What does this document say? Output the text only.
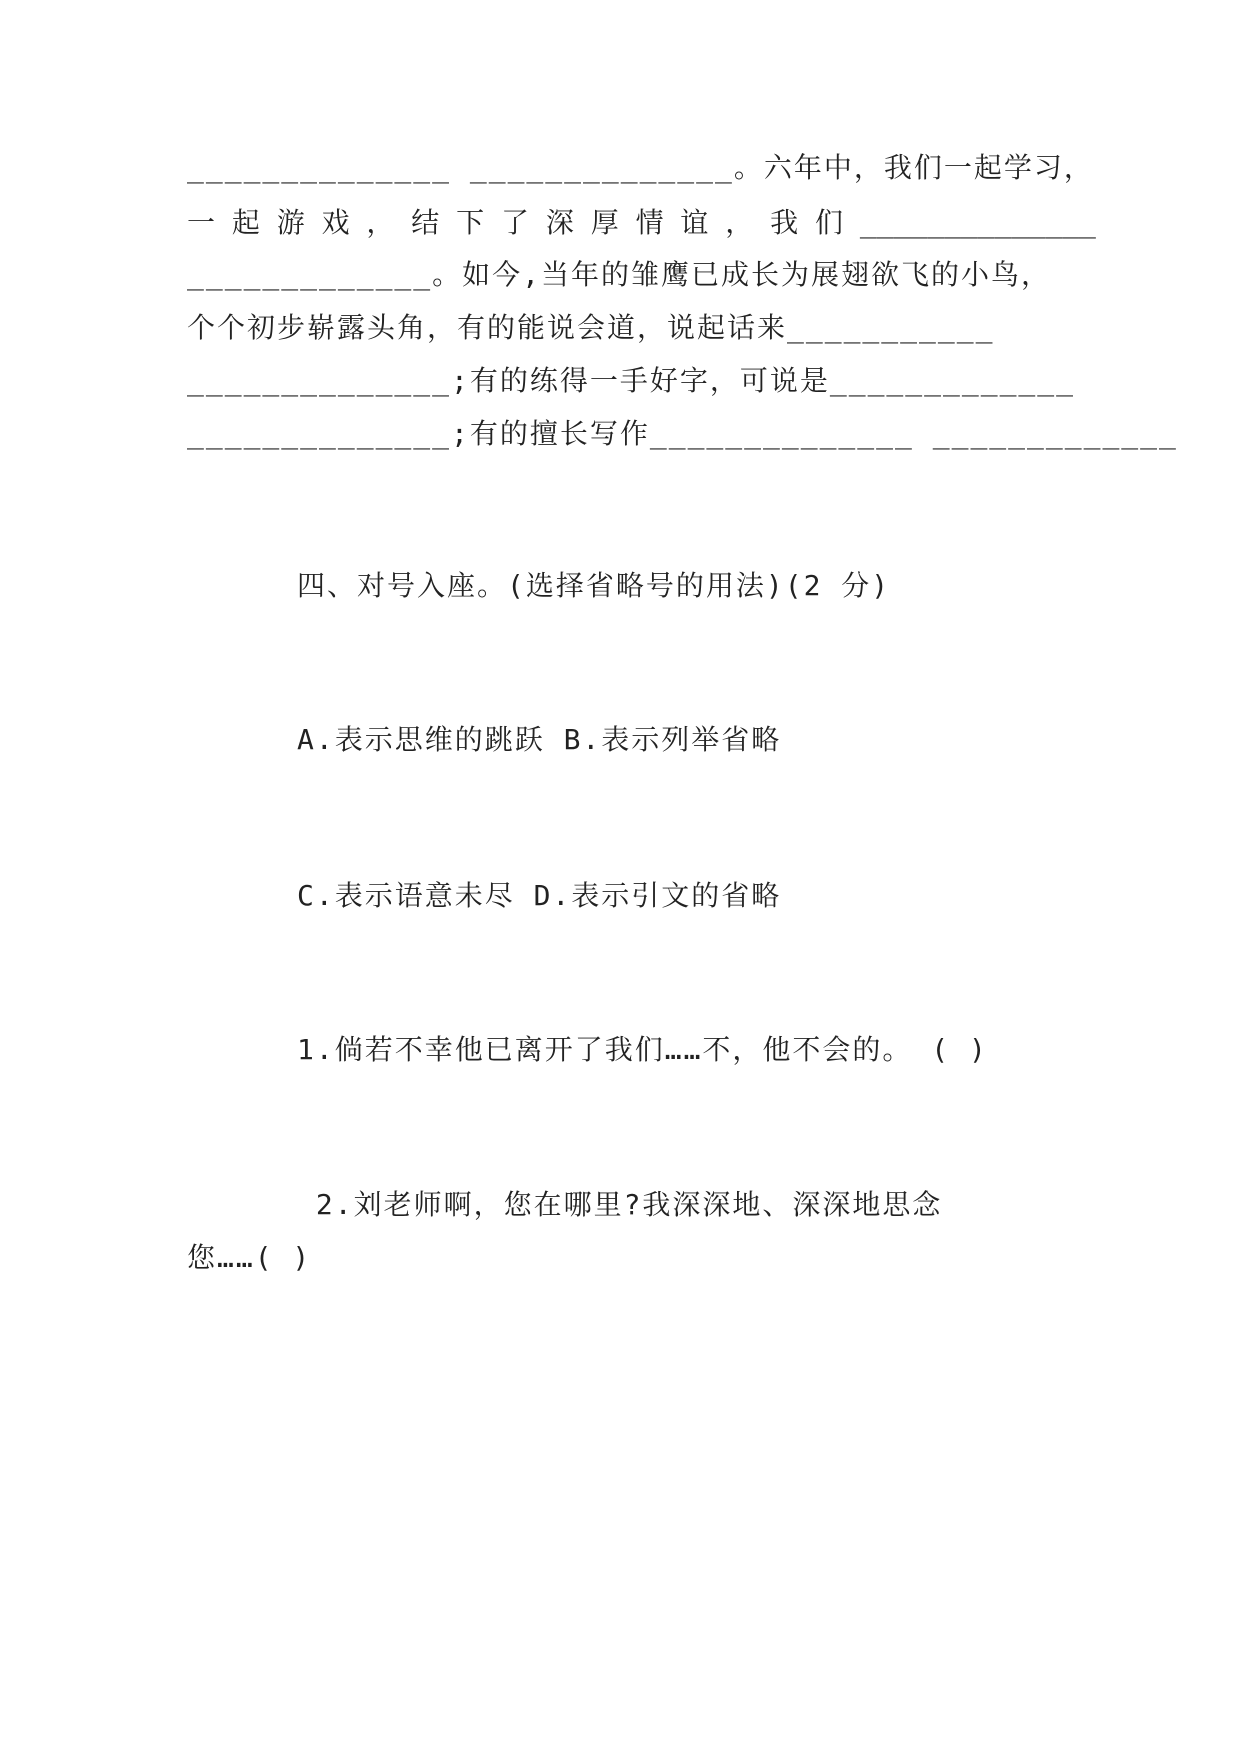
______________ ______________。六年中，我们一起学习，
一 起 游 戏 ， 结 下 了 深 厚 情 谊 ， 我 们 ______________
_____________。如今,当年的雏鹰已成长为展翅欲飞的小鸟，
个个初步崭露头角，有的能说会道，说起话来___________
______________;有的练得一手好字，可说是_____________
______________;有的擅长写作______________ _____________
四、对号入座。(选择省略号的用法)(2 分)
A.表示思维的跳跃 B.表示列举省略
C.表示语意未尽 D.表示引文的省略
1.倘若不幸他已离开了我们……不，他不会的。 ( )
2.刘老师啊，您在哪里?我深深地、深深地思念
您……( )
